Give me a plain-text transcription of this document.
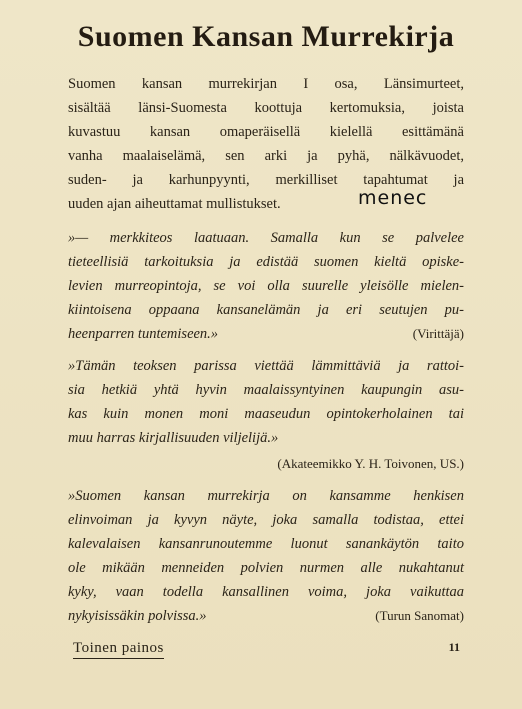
Suomen Kansan Murrekirja

Suomen kansan murrekirjan I osa, Länsimurteet,
sisältää länsi-Suomesta koottuja kertomuksia, joista
kuvastuu kansan omaperäisellä kielellä esittämänä
vanha maalaiselämä, sen arki ja pyhä, nälkävuodet,
suden- ja karhunpyynti, merkilliset tapahtumat ja
uuden ajan aiheuttamat mullistukset.

»— merkkiteos laatuaan. Samalla kun se palvelee
tieteellisiä tarkoituksia ja edistää suomen kieltä opiske-
levien murreopintoja, se voi olla suurelle yleisölle mielen-
kiintoisena oppaana kansanelämän ja eri seutujen pu-
heenparren tuntemiseen.»	(Virittäjä)

»Tämän teoksen parissa viettää lämmittäviä ja rattoi-
sia hetkiä yhtä hyvin maalaissyntyinen kaupungin asu-
kas kuin monen moni maaseudun opintokerholainen tai
muu harras kirjallisuuden viljelijä.»
(Akateemikko Y. H. Toivonen, US.)

»Suomen kansan murrekirja on kansamme henkisen
elinvoiman ja kyvyn näyte, joka samalla todistaa, ettei
kalevalaisen kansanrunoutemme luonut sanankäytön taito
ole mikään menneiden polvien nurmen alle nukahtanut
kyky, vaan todella kansallinen voima, joka vaikuttaa
nykyisissäkin polvissa.»	(Turun Sanomat)

menec
Toinen painos	11
